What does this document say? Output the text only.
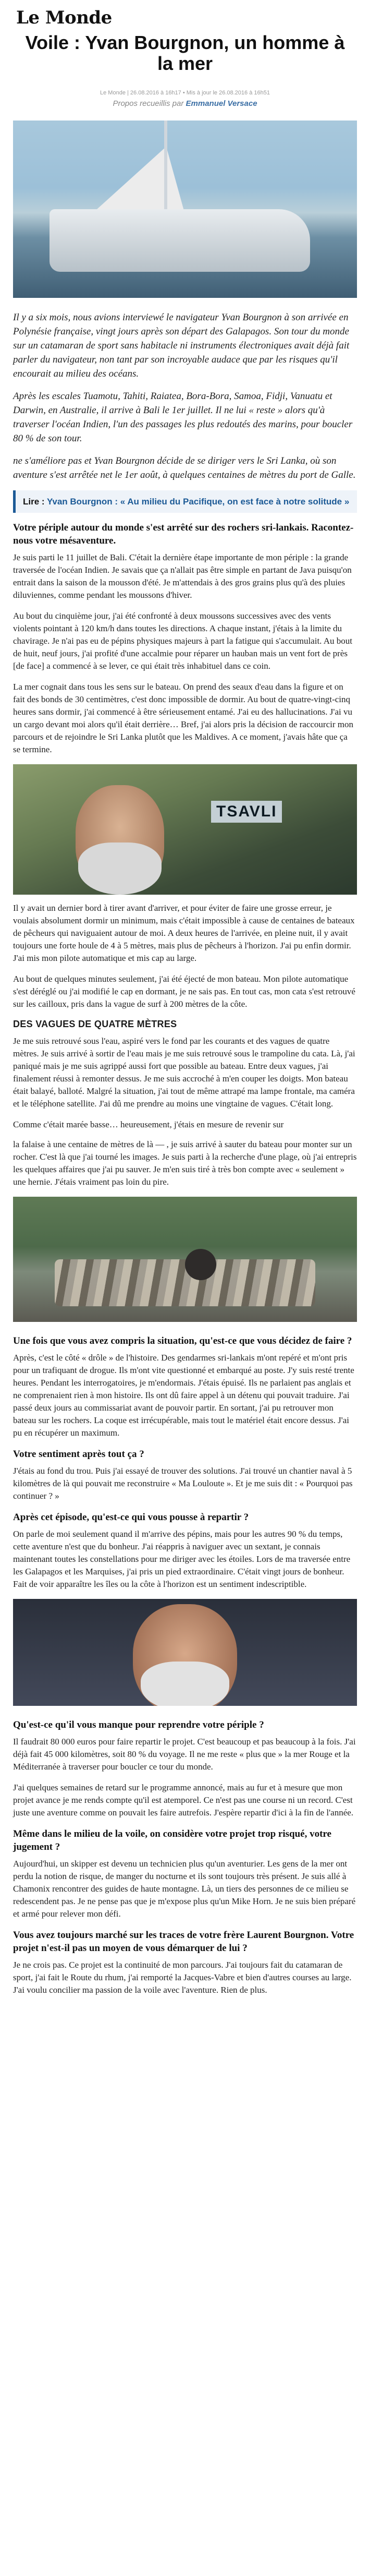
Le Monde
Voile : Yvan Bourgnon, un homme à la mer
Le Monde | 26.08.2016 à 16h17 • Mis à jour le 26.08.2016 à 16h51
Propos recueillis par Emmanuel Versace

Il y a six mois, nous avions interviewé le navigateur Yvan Bourgnon à son arrivée en Polynésie française, vingt jours après son départ des Galapagos. Son tour du monde sur un catamaran de sport sans habitacle ni instruments électroniques avait déjà fait parler du navigateur, non tant par son incroyable audace que par les risques qu'il encourait au milieu des océans.

Après les escales Tuamotu, Tahiti, Raiatea, Bora-Bora, Samoa, Fidji, Vanuatu et Darwin, en Australie, il arrive à Bali le 1er juillet. Il ne lui « reste » alors qu'à traverser l'océan Indien, l'un des passages les plus redoutés des marins, pour boucler 80 % de son tour.

ne s'améliore pas et Yvan Bourgnon décide de se diriger vers le Sri Lanka, où son aventure s'est arrêtée net le 1er août, à quelques centaines de mètres du port de Galle.

Lire : Yvan Bourgnon : « Au milieu du Pacifique, on est face à notre solitude »
Votre périple autour du monde s'est arrêté sur des rochers sri-lankais. Racontez-nous votre mésaventure.

Je suis parti le 11 juillet de Bali. C'était la dernière étape importante de mon périple : la grande traversée de l'océan Indien. Je savais que ça n'allait pas être simple en partant de Java puisqu'on entrait dans la saison de la mousson d'été. Je m'attendais à des gros grains plus qu'à des pluies diluviennes, comme pendant les moussons d'hiver.

Au bout du cinquième jour, j'ai été confronté à deux moussons successives avec des vents violents pointant à 120 km/h dans toutes les directions. A chaque instant, j'étais à la limite du chavirage. Je n'ai pas eu de pépins physiques majeurs à part la fatigue qui s'accumulait. Au bout de huit, neuf jours, j'ai profité d'une accalmie pour réparer un hauban mais un vent fort de près [de face] a commencé à se lever, ce qui était très inhabituel dans ce coin.

La mer cognait dans tous les sens sur le bateau. On prend des seaux d'eau dans la figure et on fait des bonds de 30 centimètres, c'est donc impossible de dormir. Au bout de quatre-vingt-cinq heures sans dormir, j'ai commencé à être sérieusement entamé. J'ai eu des hallucinations. J'ai vu un cargo devant moi alors qu'il était derrière… Bref, j'ai alors pris la décision de raccourcir mon parcours et de rejoindre le Sri Lanka plutôt que les Maldives. A ce moment, j'avais hâte que ça se termine.

TSAVLI

Il y avait un dernier bord à tirer avant d'arriver, et pour éviter de faire une grosse erreur, je voulais absolument dormir un minimum, mais c'était impossible à cause de centaines de bateaux de pêcheurs qui naviguaient autour de moi. A deux heures de l'arrivée, en pleine nuit, il y avait toujours une forte houle de 4 à 5 mètres, mais plus de pêcheurs à l'horizon. J'ai pu enfin dormir. J'ai mis mon pilote automatique et mis cap au large.

Au bout de quelques minutes seulement, j'ai été éjecté de mon bateau. Mon pilote automatique s'est déréglé ou j'ai modifié le cap en dormant, je ne sais pas. En tout cas, mon cata s'est retrouvé sur les cailloux, pris dans la vague de surf à 200 mètres de la côte.

DES VAGUES DE QUATRE MÈTRES

Je me suis retrouvé sous l'eau, aspiré vers le fond par les courants et des vagues de quatre mètres. Je suis arrivé à sortir de l'eau mais je me suis retrouvé sous le trampoline du cata. Là, j'ai paniqué mais je me suis agrippé aussi fort que possible au bateau. Entre deux vagues, j'ai finalement réussi à remonter dessus. Je me suis accroché à m'en couper les doigts. Mon bateau était balayé, balloté. Malgré la situation, j'ai tout de même attrapé ma lampe frontale, ma caméra et le téléphone satellite. J'ai dû me prendre au moins une vingtaine de vagues. C'était long.

Comme c'était marée basse… heureusement, j'étais en mesure de revenir sur

la falaise à une centaine de mètres de là — , je suis arrivé à sauter du bateau pour monter sur un rocher. C'est là que j'ai tourné les images. Je suis parti à la recherche d'une plage, où j'ai entrepris les quelques affaires que j'ai pu sauver. Je m'en suis tiré à très bon compte avec « seulement » une hernie. J'étais vraiment pas loin du pire.

Une fois que vous avez compris la situation, qu'est-ce que vous décidez de faire ?

Après, c'est le côté « drôle » de l'histoire. Des gendarmes sri-lankais m'ont repéré et m'ont pris pour un trafiquant de drogue. Ils m'ont vite questionné et embarqué au poste. J'y suis resté trente heures. Pendant les interrogatoires, je m'endormais. J'étais épuisé. Ils ne parlaient pas anglais et ne comprenaient rien à mon histoire. Ils ont dû faire appel à un détenu qui pouvait traduire. J'ai passé deux jours au commissariat avant de pouvoir partir. En sortant, j'ai pu retrouver mon bateau sur les rochers. La coque est irrécupérable, mais tout le matériel était encore dessus. J'ai pu en récupérer un maximum.

Votre sentiment après tout ça ?

J'étais au fond du trou. Puis j'ai essayé de trouver des solutions. J'ai trouvé un chantier naval à 5 kilomètres de là qui pouvait me reconstruire « Ma Louloute ». Et je me suis dit : « Pourquoi pas continuer ? »

Après cet épisode, qu'est-ce qui vous pousse à repartir ?

On parle de moi seulement quand il m'arrive des pépins, mais pour les autres 90 % du temps, cette aventure n'est que du bonheur. J'ai réappris à naviguer avec un sextant, je connais maintenant toutes les constellations pour me diriger avec les étoiles. Lors de ma traversée entre les Galapagos et les Marquises, j'ai pris un pied extraordinaire. C'était vingt jours de bonheur. Fait de voir apparaître les îles ou la côte à l'horizon est un sentiment indescriptible.

Qu'est-ce qu'il vous manque pour reprendre votre périple ?

Il faudrait 80 000 euros pour faire repartir le projet. C'est beaucoup et pas beaucoup à la fois. J'ai déjà fait 45 000 kilomètres, soit 80 % du voyage. Il ne me reste « plus que » la mer Rouge et la Méditerranée à traverser pour boucler ce tour du monde.

J'ai quelques semaines de retard sur le programme annoncé, mais au fur et à mesure que mon projet avance je me rends compte qu'il est atemporel. Ce n'est pas une course ni un record. C'est juste une aventure comme on pouvait les faire autrefois. J'espère repartir d'ici à la fin de l'année.

Même dans le milieu de la voile, on considère votre projet trop risqué, votre jugement ?

Aujourd'hui, un skipper est devenu un technicien plus qu'un aventurier. Les gens de la mer ont perdu la notion de risque, de manger du nocturne et ils sont toujours très présent. Je suis allé à Chamonix rencontrer des guides de haute montagne. Là, un tiers des personnes de ce milieu se redescendent pas. Je ne pense pas que je m'expose plus qu'un Mike Horn. Je ne suis bien préparé et armé pour relever mon défi.

Vous avez toujours marché sur les traces de votre frère Laurent Bourgnon. Votre projet n'est-il pas un moyen de vous démarquer de lui ?

Je ne crois pas. Ce projet est la continuité de mon parcours. J'ai toujours fait du catamaran de sport, j'ai fait le Route du rhum, j'ai remporté la Jacques-Vabre et bien d'autres courses au large. J'ai voulu concilier ma passion de la voile avec l'aventure. Rien de plus.
